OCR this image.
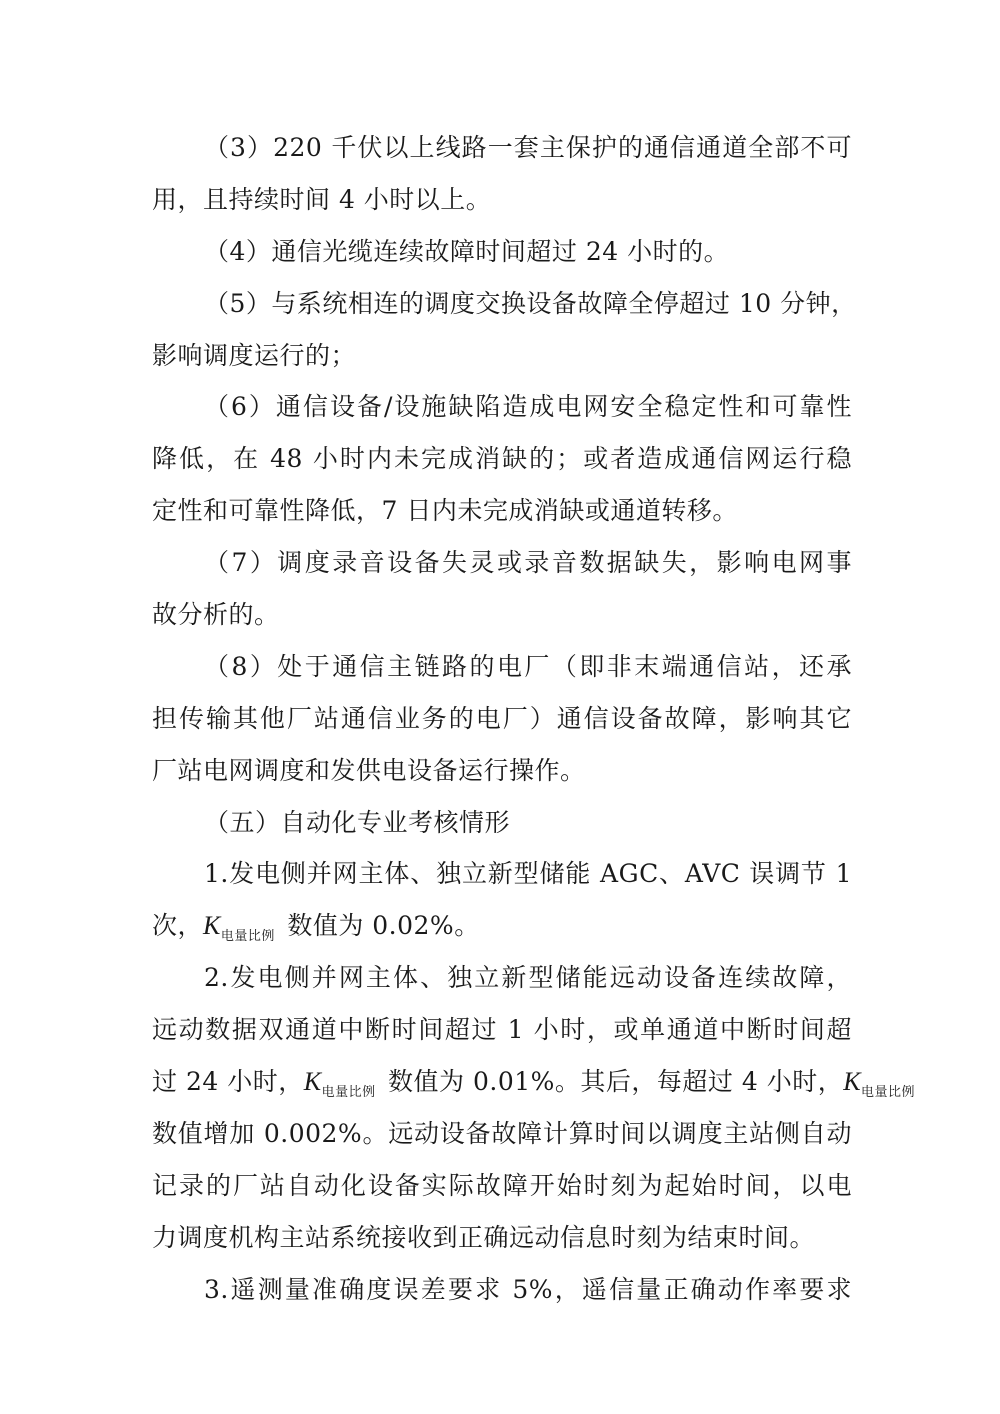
（3）220 千伏以上线路一套主保护的通信通道全部不可
用，且持续时间 4 小时以上。
（4）通信光缆连续故障时间超过 24 小时的。
（5）与系统相连的调度交换设备故障全停超过 10 分钟，
影响调度运行的；
（6）通信设备/设施缺陷造成电网安全稳定性和可靠性
降低，在 48 小时内未完成消缺的；或者造成通信网运行稳
定性和可靠性降低，7 日内未完成消缺或通道转移。
（7）调度录音设备失灵或录音数据缺失，影响电网事
故分析的。
（8）处于通信主链路的电厂（即非末端通信站，还承
担传输其他厂站通信业务的电厂）通信设备故障，影响其它
厂站电网调度和发供电设备运行操作。
（五）自动化专业考核情形
1.发电侧并网主体、独立新型储能 AGC、AVC 误调节 1
次，$K_{电量比例}$ 数值为 0.02%。
2.发电侧并网主体、独立新型储能远动设备连续故障，
远动数据双通道中断时间超过 1 小时，或单通道中断时间超
过 24 小时，$K_{电量比例}$ 数值为 0.01%。其后，每超过 4 小时，$K_{电量比例}$
数值增加 0.002%。远动设备故障计算时间以调度主站侧自动
记录的厂站自动化设备实际故障开始时刻为起始时间，以电
力调度机构主站系统接收到正确远动信息时刻为结束时间。
3.遥测量准确度误差要求 5%，遥信量正确动作率要求
